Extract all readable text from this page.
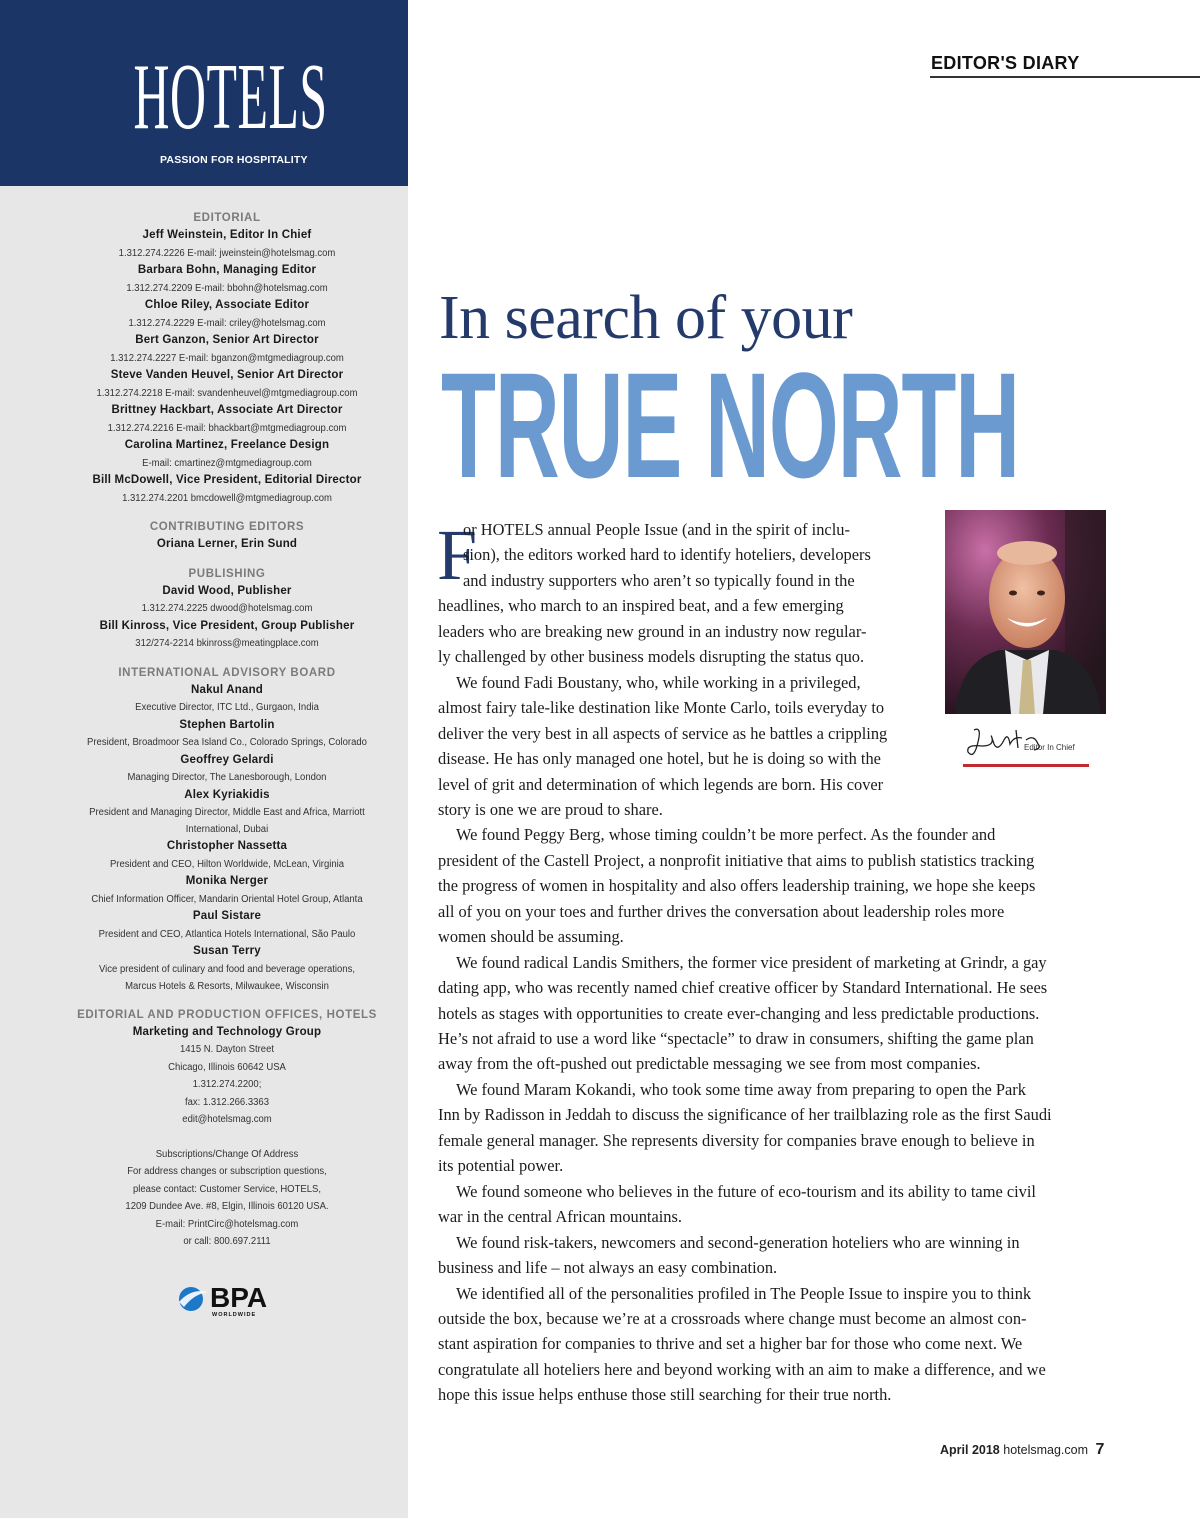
HOTELS
PASSION FOR HOSPITALITY
EDITORIAL
Jeff Weinstein, Editor In Chief
1.312.274.2226 E-mail: jweinstein@hotelsmag.com
Barbara Bohn, Managing Editor
1.312.274.2209 E-mail: bbohn@hotelsmag.com
Chloe Riley, Associate Editor
1.312.274.2229 E-mail: criley@hotelsmag.com
Bert Ganzon, Senior Art Director
1.312.274.2227 E-mail: bganzon@mtgmediagroup.com
Steve Vanden Heuvel, Senior Art Director
1.312.274.2218 E-mail: svandenheuvel@mtgmediagroup.com
Brittney Hackbart, Associate Art Director
1.312.274.2216 E-mail: bhackbart@mtgmediagroup.com
Carolina Martinez, Freelance Design
E-mail: cmartinez@mtgmediagroup.com
Bill McDowell, Vice President, Editorial Director
1.312.274.2201 bmcdowell@mtgmediagroup.com
CONTRIBUTING EDITORS
Oriana Lerner, Erin Sund
PUBLISHING
David Wood, Publisher
1.312.274.2225 dwood@hotelsmag.com
Bill Kinross, Vice President, Group Publisher
312/274-2214 bkinross@meatingplace.com
INTERNATIONAL ADVISORY BOARD
Nakul Anand
Executive Director, ITC Ltd., Gurgaon, India
Stephen Bartolin
President, Broadmoor Sea Island Co., Colorado Springs, Colorado
Geoffrey Gelardi
Managing Director, The Lanesborough, London
Alex Kyriakidis
President and Managing Director, Middle East and Africa, Marriott International, Dubai
Christopher Nassetta
President and CEO, Hilton Worldwide, McLean, Virginia
Monika Nerger
Chief Information Officer, Mandarin Oriental Hotel Group, Atlanta
Paul Sistare
President and CEO, Atlantica Hotels International, São Paulo
Susan Terry
Vice president of culinary and food and beverage operations, Marcus Hotels & Resorts, Milwaukee, Wisconsin
EDITORIAL AND PRODUCTION OFFICES, HOTELS
Marketing and Technology Group
1415 N. Dayton Street
Chicago, Illinois 60642 USA
1.312.274.2200;
fax: 1.312.266.3363
edit@hotelsmag.com
Subscriptions/Change Of Address
For address changes or subscription questions,
please contact: Customer Service, HOTELS,
1209 Dundee Ave. #8, Elgin, Illinois 60120 USA.
E-mail: PrintCirc@hotelsmag.com
or call: 800.697.2111
BPA
WORLDWIDE
EDITOR'S DIARY
In search of your
TRUE NORTH
Editor In Chief
F
or HOTELS annual People Issue (and in the spirit of inclu-
sion), the editors worked hard to identify hoteliers, developers
and industry supporters who aren’t so typically found in the
headlines, who march to an inspired beat, and a few emerging
leaders who are breaking new ground in an industry now regular-
ly challenged by other business models disrupting the status quo.
We found Fadi Boustany, who, while working in a privileged,
almost fairy tale-like destination like Monte Carlo, toils everyday to
deliver the very best in all aspects of service as he battles a crippling
disease. He has only managed one hotel, but he is doing so with the
level of grit and determination of which legends are born. His cover
story is one we are proud to share.
We found Peggy Berg, whose timing couldn’t be more perfect. As the founder and
president of the Castell Project, a nonprofit initiative that aims to publish statistics tracking
the progress of women in hospitality and also offers leadership training, we hope she keeps
all of you on your toes and further drives the conversation about leadership roles more
women should be assuming.
We found radical Landis Smithers, the former vice president of marketing at Grindr, a gay
dating app, who was recently named chief creative officer by Standard International. He sees
hotels as stages with opportunities to create ever-changing and less predictable productions.
He’s not afraid to use a word like “spectacle” to draw in consumers, shifting the game plan
away from the oft-pushed out predictable messaging we see from most companies.
We found Maram Kokandi, who took some time away from preparing to open the Park
Inn by Radisson in Jeddah to discuss the significance of her trailblazing role as the first Saudi
female general manager. She represents diversity for companies brave enough to believe in
its potential power.
We found someone who believes in the future of eco-tourism and its ability to tame civil
war in the central African mountains.
We found risk-takers, newcomers and second-generation hoteliers who are winning in
business and life – not always an easy combination.
We identified all of the personalities profiled in The People Issue to inspire you to think
outside the box, because we’re at a crossroads where change must become an almost con-
stant aspiration for companies to thrive and set a higher bar for those who come next. We
congratulate all hoteliers here and beyond working with an aim to make a difference, and we
hope this issue helps enthuse those still searching for their true north.
April 2018 hotelsmag.com 7
